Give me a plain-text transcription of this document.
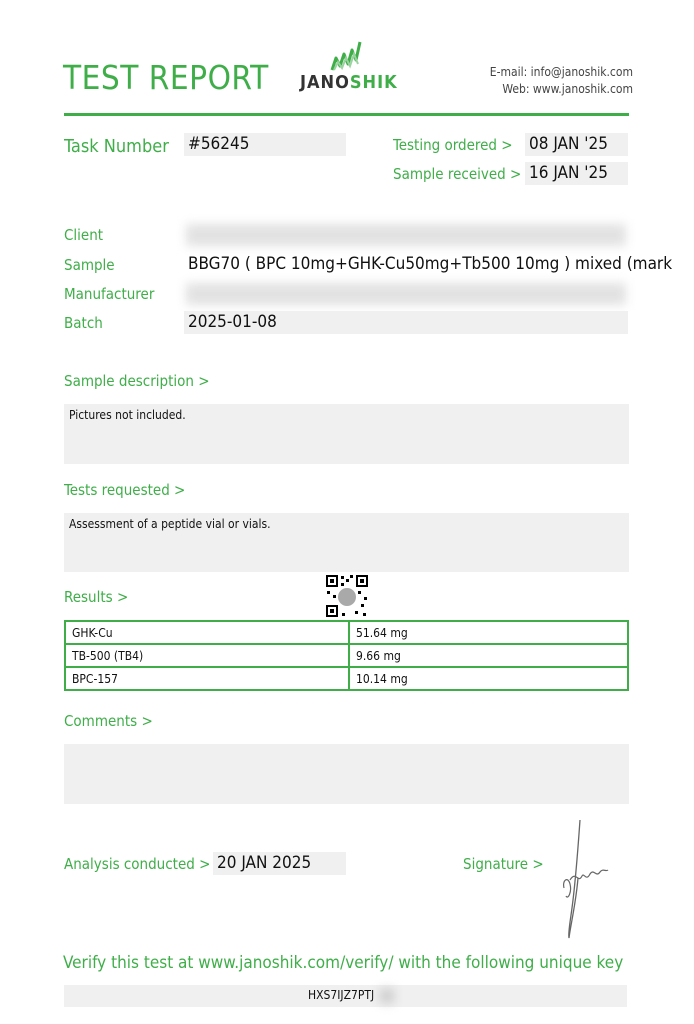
TEST REPORT JANOSHIK	E-mail: info@janoshik.com
Web: www.janoshik.com
Task Number #56245	Testing ordered > 08 JAN '25
Sample received > 16 JAN '25
Client
Sample	BBG70 ( BPC 10mg+GHK-Cu50mg+Tb500 10mg ) mixed (mark
Manufacturer
Batch	2025-01-08
Sample description >
Pictures not included.
Tests requested >
Assessment of a peptide vial or vials.
Results >
GHK-Cu	51.64 mg
TB-500 (TB4)	9.66 mg
BPC-157	10.14 mg
Comments >
Analysis conducted > 20 JAN 2025	Signature >
Verify this test at www.janoshik.com/verify/ with the following unique key
HXS7IJZ7PTJ
